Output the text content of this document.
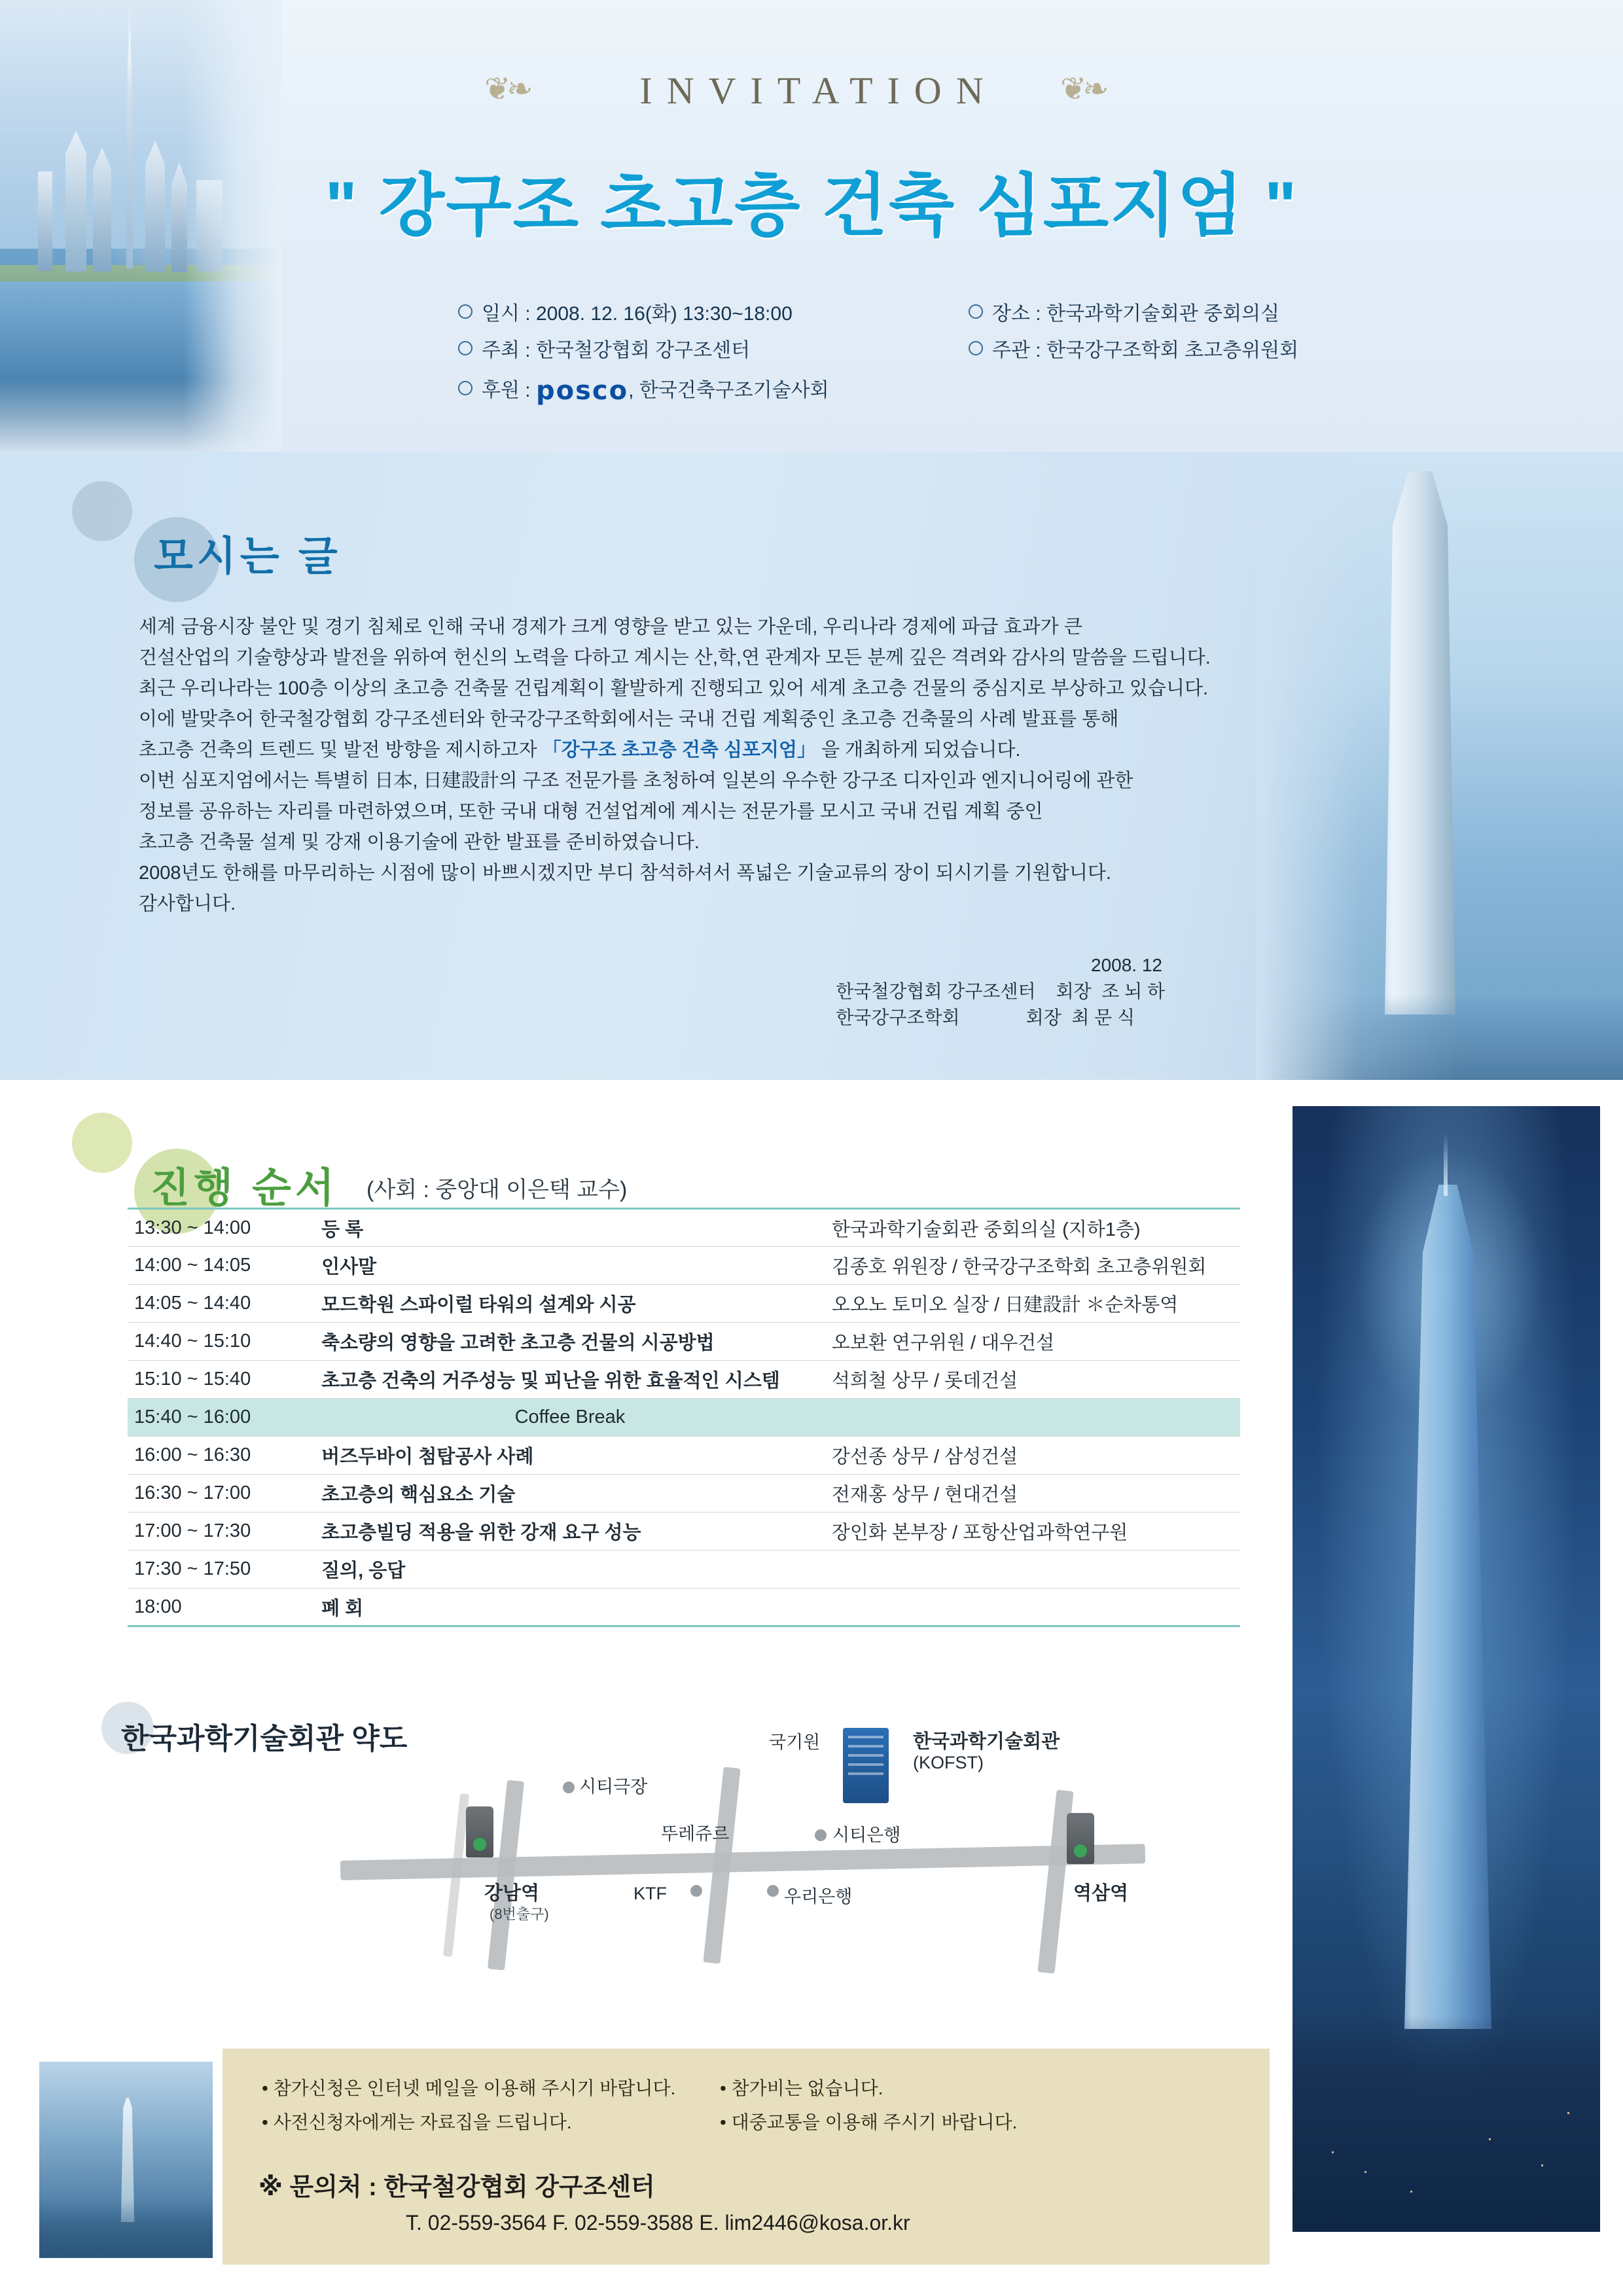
❦❧	❦❧
INVITATION
" 강구조 초고층 건축 심포지엄 "
일시 : 2008. 12. 16(화) 13:30~18:00	장소 : 한국과학기술회관 중회의실
주최 : 한국철강협회 강구조센터	주관 : 한국강구조학회 초고층위원회
후원 : posco, 한국건축구조기술사회
모시는 글

세계 금융시장 불안 및 경기 침체로 인해 국내 경제가 크게 영향을 받고 있는 가운데, 우리나라 경제에 파급 효과가 큰

건설산업의 기술향상과 발전을 위하여 헌신의 노력을 다하고 계시는 산,학,연 관계자 모든 분께 깊은 격려와 감사의 말씀을 드립니다.

최근 우리나라는 100층 이상의 초고층 건축물 건립계획이 활발하게 진행되고 있어 세계 초고층 건물의 중심지로 부상하고 있습니다.

이에 발맞추어 한국철강협회 강구조센터와 한국강구조학회에서는 국내 건립 계획중인 초고층 건축물의 사례 발표를 통해

초고층 건축의 트렌드 및 발전 방향을 제시하고자 「강구조 초고층 건축 심포지엄」 을 개최하게 되었습니다.

이번 심포지엄에서는 특별히 日本, 日建設計의 구조 전문가를 초청하여 일본의 우수한 강구조 디자인과 엔지니어링에 관한

정보를 공유하는 자리를 마련하였으며, 또한 국내 대형 건설업계에 계시는 전문가를 모시고 국내 건립 계획 중인

초고층 건축물 설계 및 강재 이용기술에 관한 발표를 준비하였습니다.

2008년도 한해를 마무리하는 시점에 많이 바쁘시겠지만 부디 참석하셔서 폭넓은 기술교류의 장이 되시기를 기원합니다.

감사합니다.

2008. 12
한국철강협회 강구조센터    회장  조 뇌 하
한국강구조학회             회장  최 문 식
진행 순서 (사회 : 중앙대 이은택 교수)
13:30 ~ 14:00	등 록	한국과학기술회관 중회의실 (지하1층)
14:00 ~ 14:05	인사말	김종호 위원장 / 한국강구조학회 초고층위원회
14:05 ~ 14:40	모드학원 스파이럴 타워의 설계와 시공	오오노 토미오 실장 / 日建設計 ＊순차통역
14:40 ~ 15:10	축소량의 영향을 고려한 초고층 건물의 시공방법	오보환 연구위원 / 대우건설
15:10 ~ 15:40	초고층 건축의 거주성능 및 피난을 위한 효율적인 시스템	석희철 상무 / 롯데건설
15:40 ~ 16:00	Coffee Break	
16:00 ~ 16:30	버즈두바이 첨탑공사 사례	강선종 상무 / 삼성건설
16:30 ~ 17:00	초고층의 핵심요소 기술	전재홍 상무 / 현대건설
17:00 ~ 17:30	초고층빌딩 적용을 위한 강재 요구 성능	장인화 본부장 / 포항산업과학연구원
17:30 ~ 17:50	질의, 응답	
18:00	폐 회	
한국과학기술회관 약도
시티극장
뚜레쥬르	시티은행
국기원	한국과학기술회관
(KOFST)
KTF	우리은행
강남역
(8번출구)
역삼역
• 참가신청은 인터넷 메일을 이용해 주시기 바랍니다.
• 사전신청자에게는 자료집을 드립니다.
• 참가비는 없습니다.
• 대중교통을 이용해 주시기 바랍니다.
※ 문의처 : 한국철강협회 강구조센터
T. 02-559-3564 F. 02-559-3588 E. lim2446@kosa.or.kr
